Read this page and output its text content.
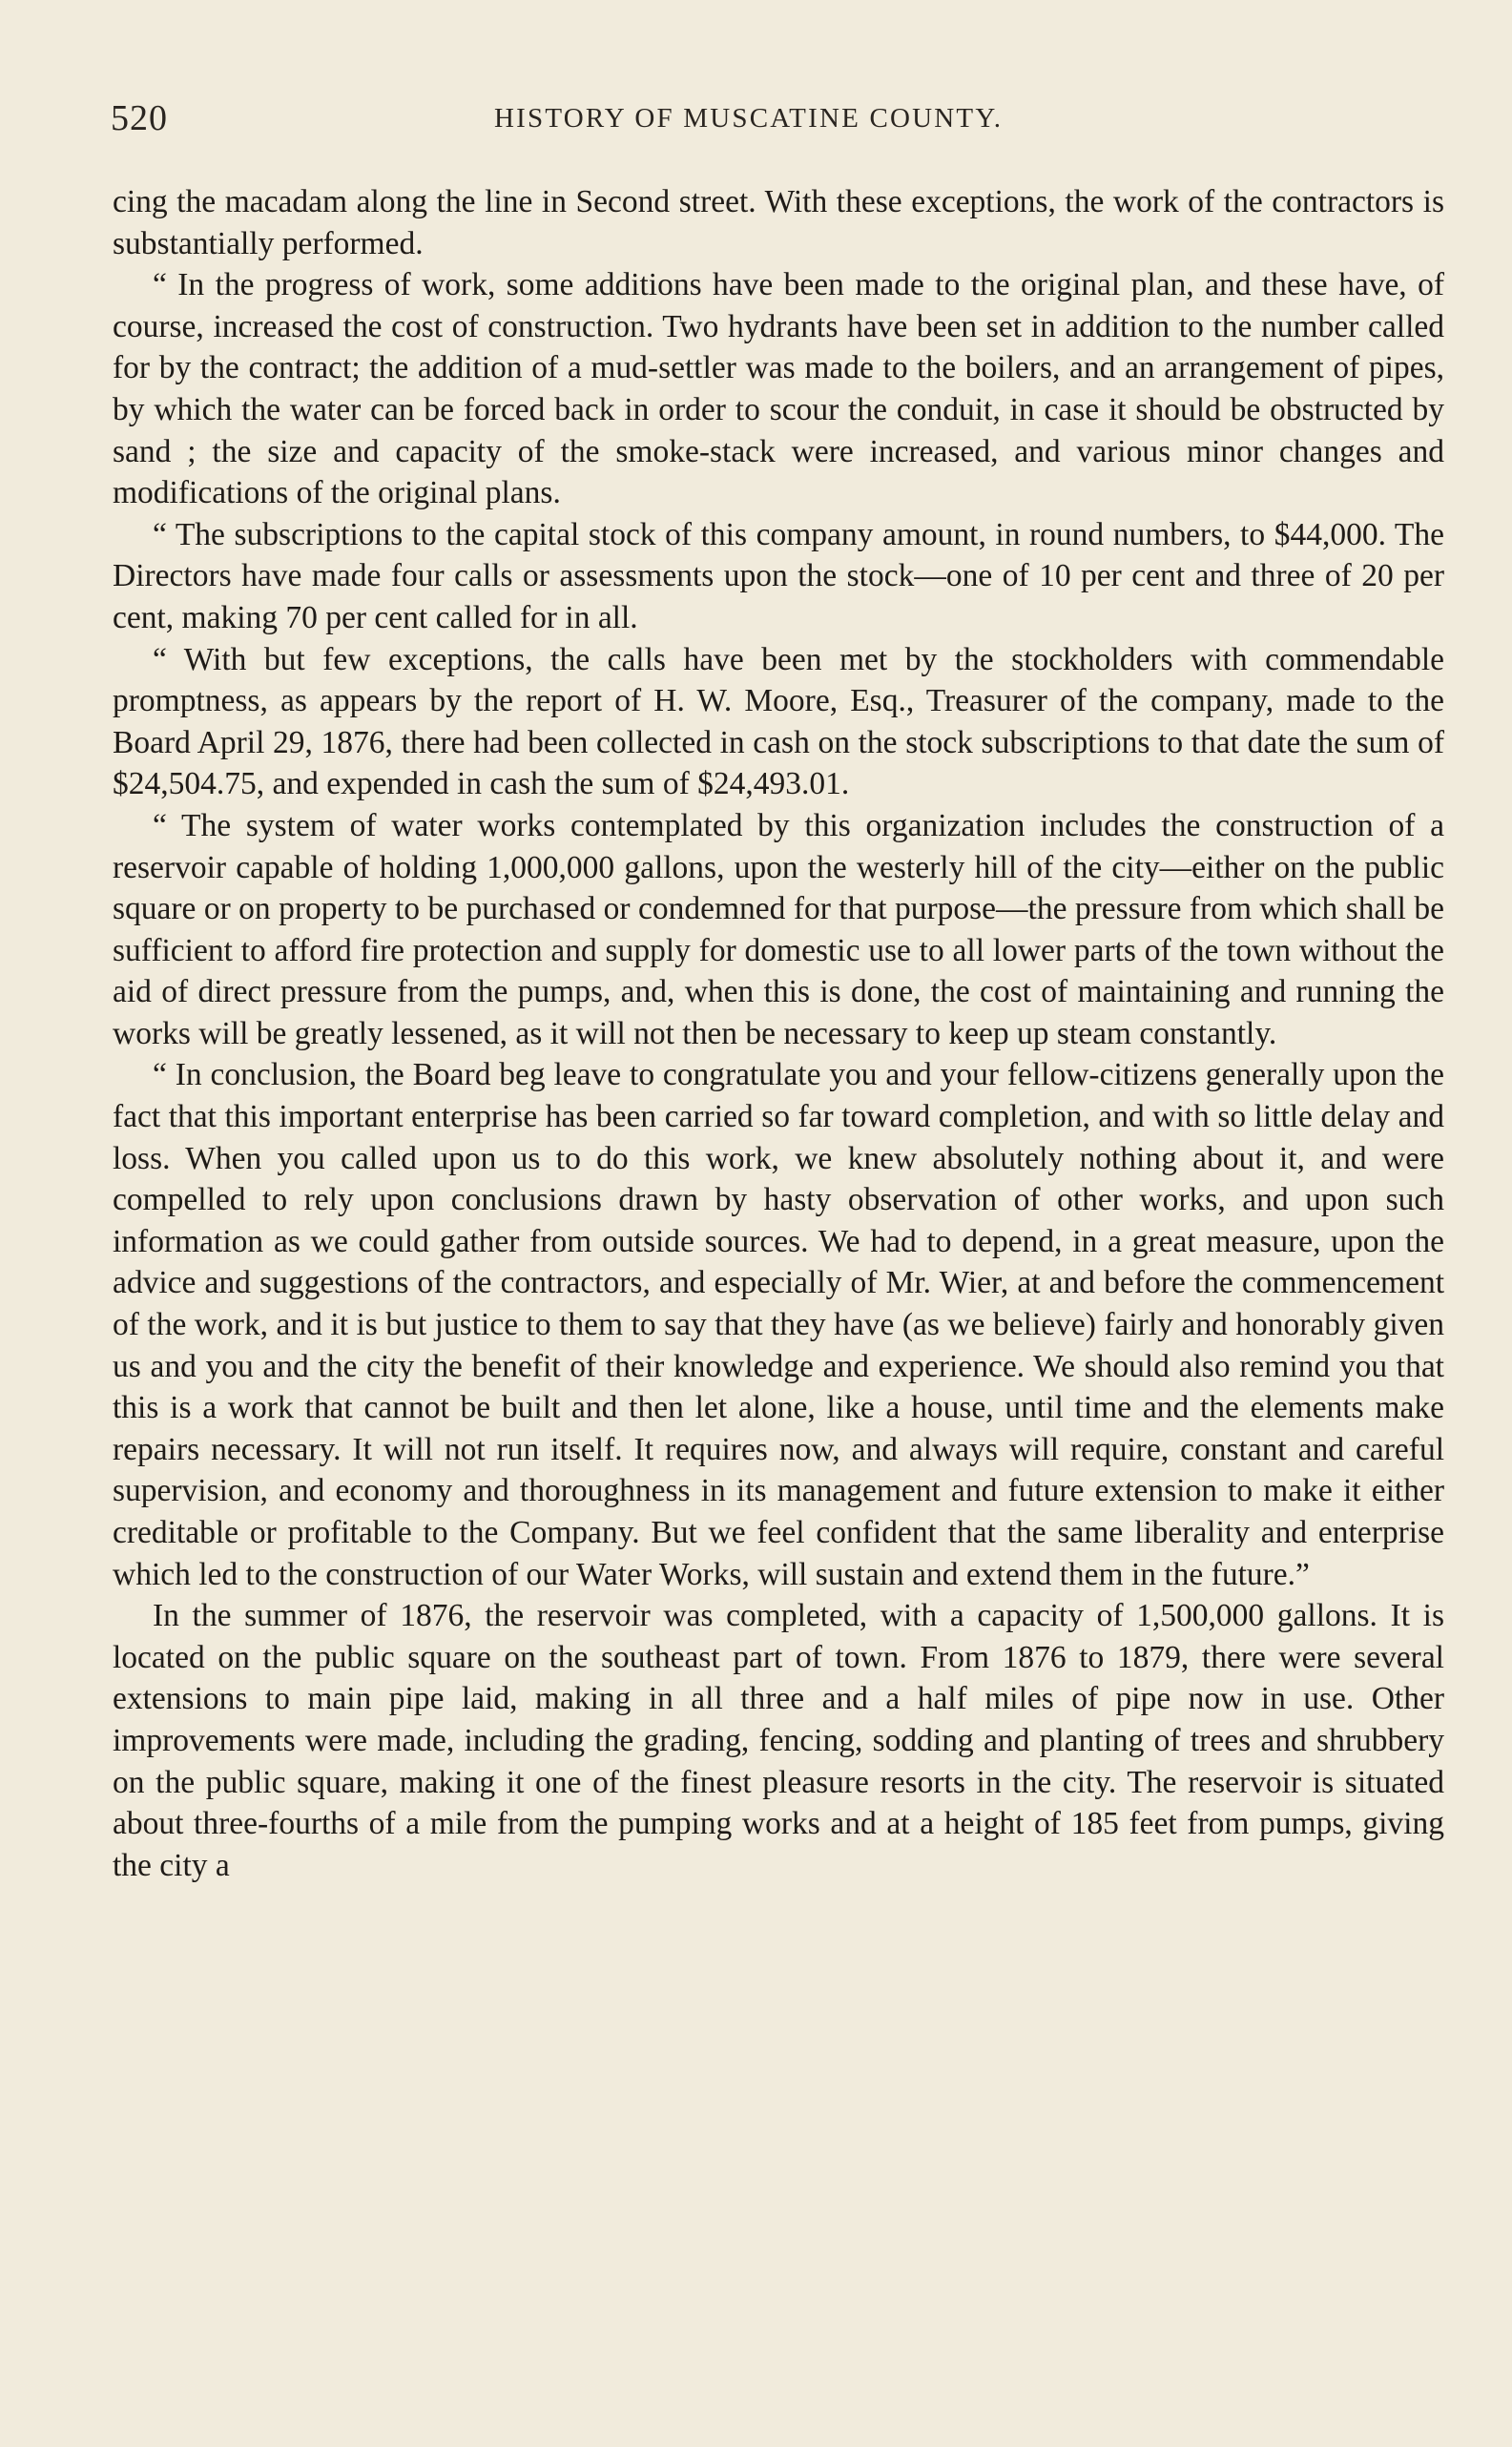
520	HISTORY OF MUSCATINE COUNTY.

cing the macadam along the line in Second street. With these exceptions, the work of the contractors is substantially performed.

“ In the progress of work, some additions have been made to the original plan, and these have, of course, increased the cost of construction. Two hydrants have been set in addition to the number called for by the contract; the addition of a mud-settler was made to the boilers, and an arrangement of pipes, by which the water can be forced back in order to scour the conduit, in case it should be obstructed by sand ; the size and capacity of the smoke-stack were increased, and various minor changes and modifications of the original plans.

“ The subscriptions to the capital stock of this company amount, in round numbers, to $44,000. The Directors have made four calls or assessments upon the stock—one of 10 per cent and three of 20 per cent, making 70 per cent called for in all.

“ With but few exceptions, the calls have been met by the stockholders with commendable promptness, as appears by the report of H. W. Moore, Esq., Treasurer of the company, made to the Board April 29, 1876, there had been collected in cash on the stock subscriptions to that date the sum of $24,504.75, and expended in cash the sum of $24,493.01.

“ The system of water works contemplated by this organization includes the construction of a reservoir capable of holding 1,000,000 gallons, upon the westerly hill of the city—either on the public square or on property to be purchased or condemned for that purpose—the pressure from which shall be sufficient to afford fire protection and supply for domestic use to all lower parts of the town without the aid of direct pressure from the pumps, and, when this is done, the cost of maintaining and running the works will be greatly lessened, as it will not then be necessary to keep up steam constantly.

“ In conclusion, the Board beg leave to congratulate you and your fellow-citizens generally upon the fact that this important enterprise has been carried so far toward completion, and with so little delay and loss. When you called upon us to do this work, we knew absolutely nothing about it, and were compelled to rely upon conclusions drawn by hasty observation of other works, and upon such information as we could gather from outside sources. We had to depend, in a great measure, upon the advice and suggestions of the contractors, and especially of Mr. Wier, at and before the commencement of the work, and it is but justice to them to say that they have (as we believe) fairly and honorably given us and you and the city the benefit of their knowledge and experience. We should also remind you that this is a work that cannot be built and then let alone, like a house, until time and the elements make repairs necessary. It will not run itself. It requires now, and always will require, constant and careful supervision, and economy and thoroughness in its management and future extension to make it either creditable or profitable to the Company. But we feel confident that the same liberality and enterprise which led to the construction of our Water Works, will sustain and extend them in the future.”

In the summer of 1876, the reservoir was completed, with a capacity of 1,500,000 gallons. It is located on the public square on the southeast part of town. From 1876 to 1879, there were several extensions to main pipe laid, making in all three and a half miles of pipe now in use. Other improvements were made, including the grading, fencing, sodding and planting of trees and shrubbery on the public square, making it one of the finest pleasure resorts in the city. The reservoir is situated about three-fourths of a mile from the pumping works and at a height of 185 feet from pumps, giving the city a
